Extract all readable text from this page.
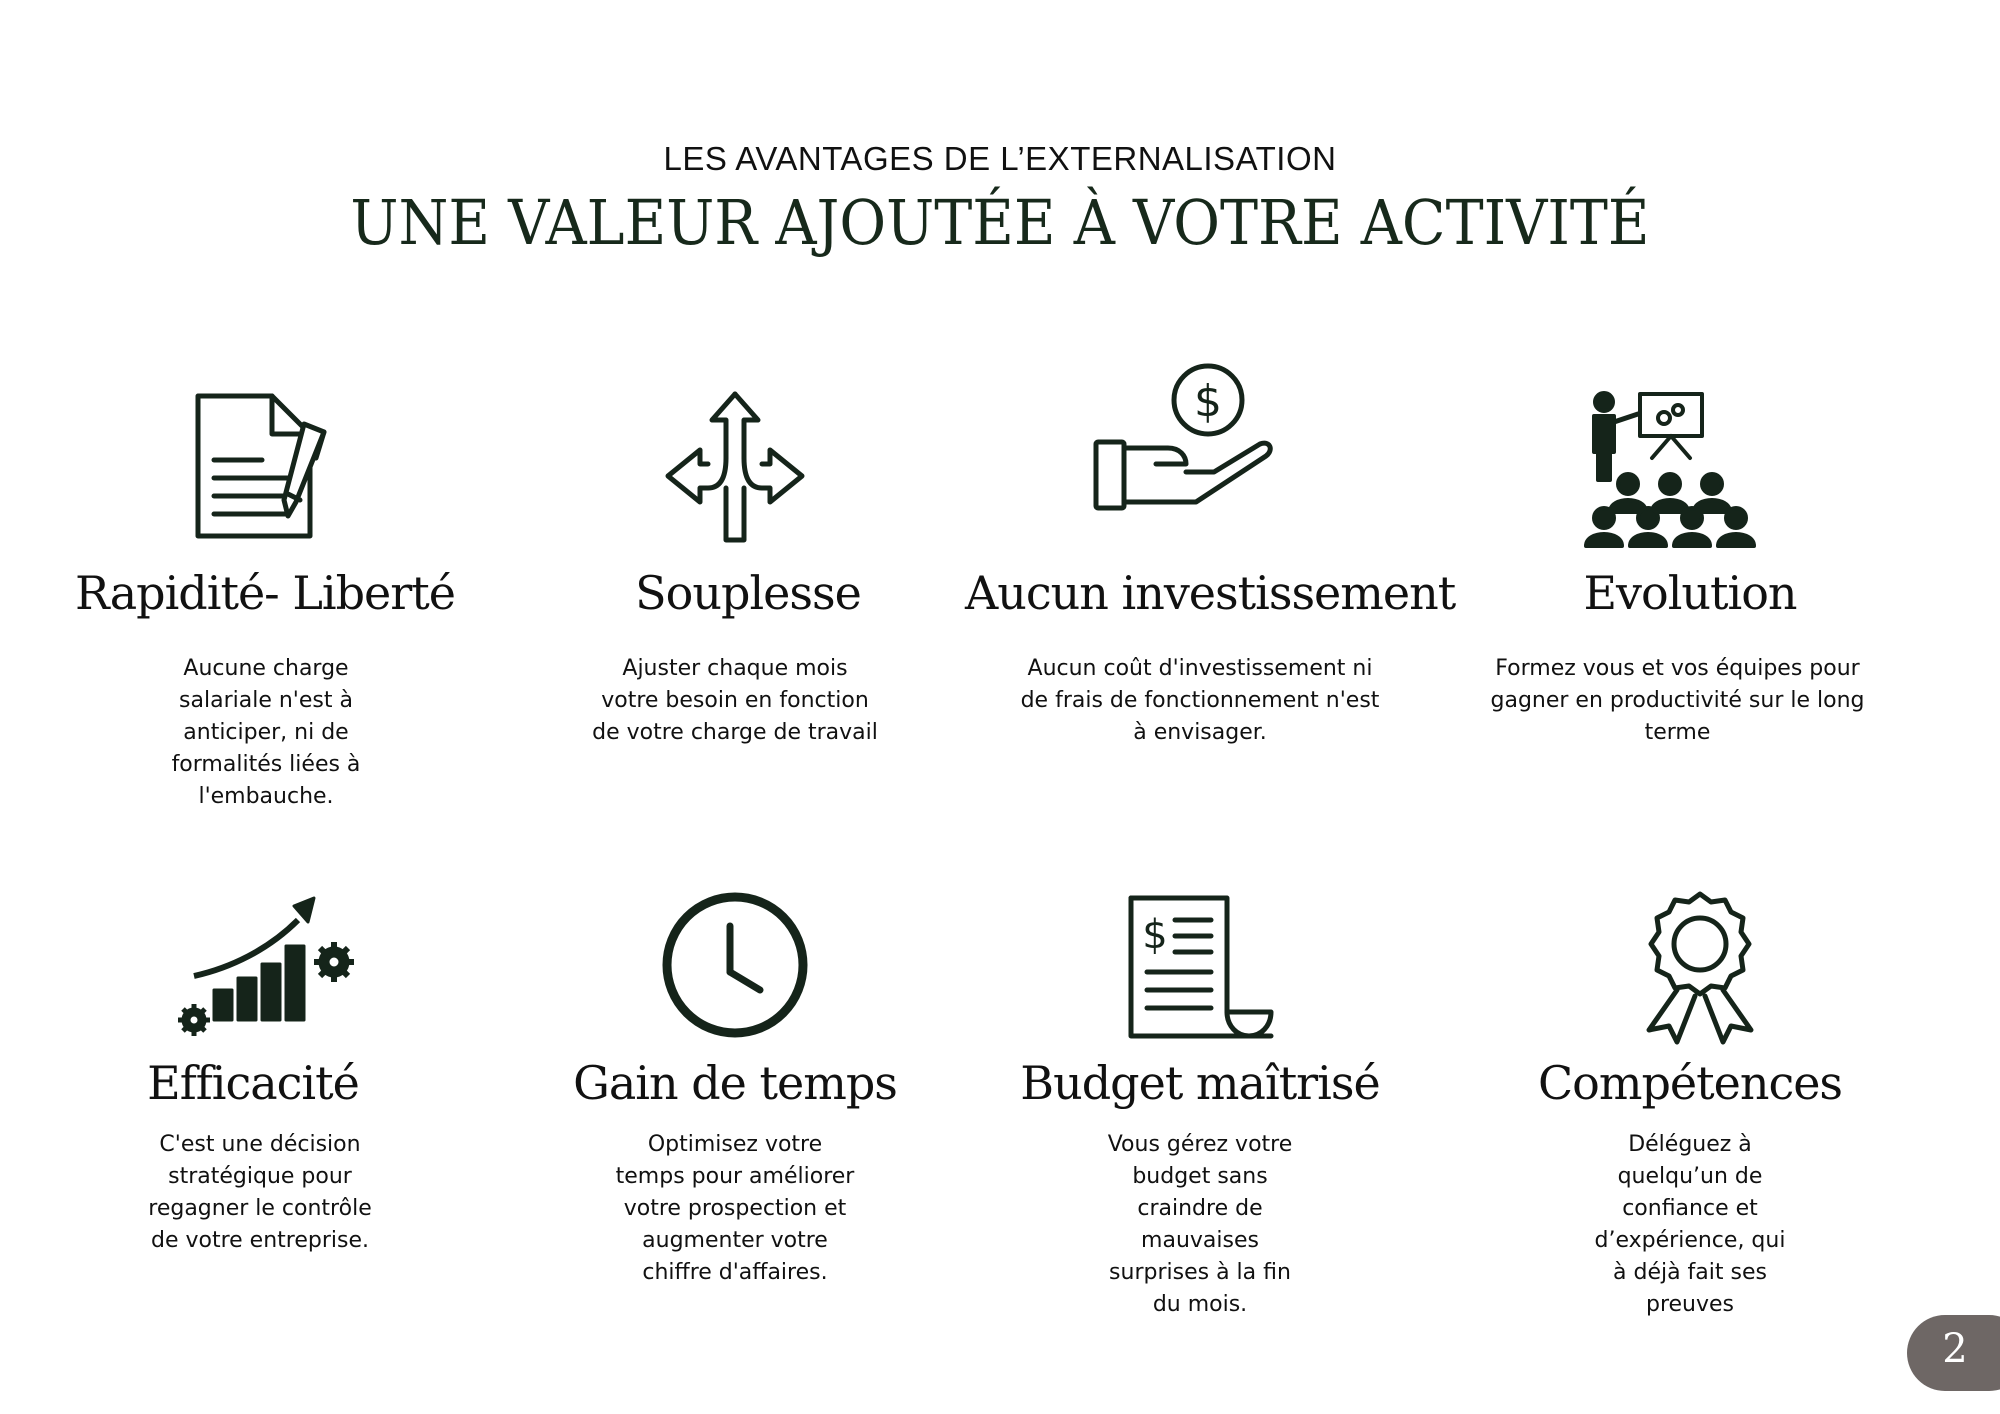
LES AVANTAGES DE L’EXTERNALISATION
UNE VALEUR AJOUTÉE À VOTRE ACTIVITÉ
Rapidité- Liberté
Aucune charge
salariale n'est à
anticiper, ni de
formalités liées à
l'embauche.
Souplesse
Ajuster chaque mois
votre besoin en fonction
de votre charge de travail
$
Aucun investissement
Aucun coût d'investissement ni
de frais de fonctionnement n'est
à envisager.
Evolution
Formez vous et vos équipes pour
gagner en productivité sur le long
terme
Efficacité
C'est une décision
stratégique pour
regagner le contrôle
de votre entreprise.
Gain de temps
Optimisez votre
temps pour améliorer
votre prospection et
augmenter votre
chiffre d'affaires.
$
Budget maîtrisé
Vous gérez votre
budget sans
craindre de
mauvaises
surprises à la fin
du mois.
Compétences
Déléguez à
quelqu’un de
confiance et
d’expérience, qui
à déjà fait ses
preuves
2
